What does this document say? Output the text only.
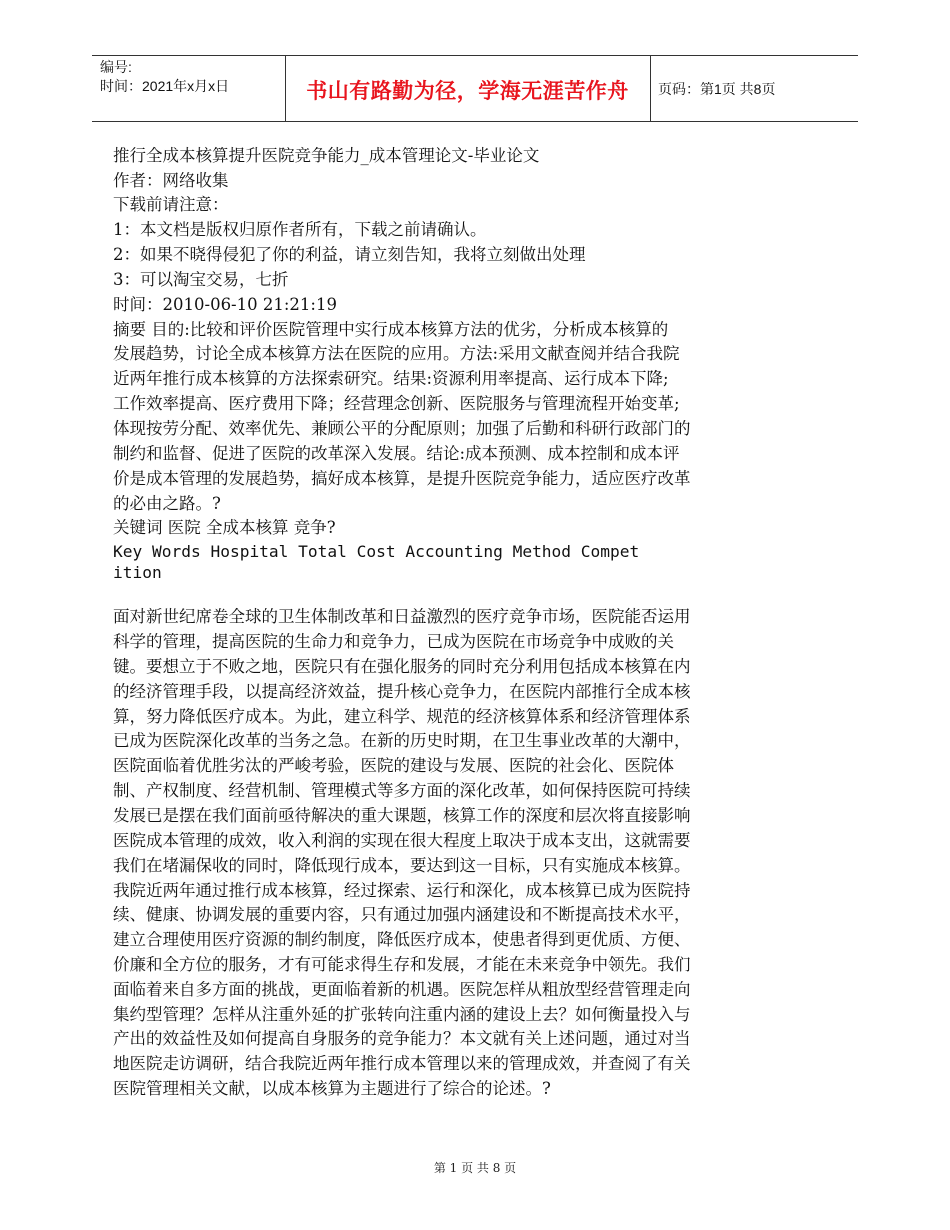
编号:
时间：2021年x月x日	书山有路勤为径，学海无涯苦作舟	页码：第1页 共8页
推行全成本核算提升医院竞争能力_成本管理论文-毕业论文
作者：网络收集
下载前请注意：
1：本文档是版权归原作者所有，下载之前请确认。
2：如果不晓得侵犯了你的利益，请立刻告知，我将立刻做出处理
3：可以淘宝交易，七折
时间：2010-06-10 21:21:19
摘要 目的:比较和评价医院管理中实行成本核算方法的优劣，分析成本核算的
发展趋势，讨论全成本核算方法在医院的应用。方法:采用文献查阅并结合我院
近两年推行成本核算的方法探索研究。结果:资源利用率提高、运行成本下降;
工作效率提高、医疗费用下降；经营理念创新、医院服务与管理流程开始变革;
体现按劳分配、效率优先、兼顾公平的分配原则；加强了后勤和科研行政部门的
制约和监督、促进了医院的改革深入发展。结论:成本预测、成本控制和成本评
价是成本管理的发展趋势，搞好成本核算，是提升医院竞争能力，适应医疗改革
的必由之路。?
关键词 医院 全成本核算 竞争?
Key Words Hospital Total Cost Accounting Method Compet
ition
面对新世纪席卷全球的卫生体制改革和日益激烈的医疗竞争市场，医院能否运用
科学的管理，提高医院的生命力和竞争力，已成为医院在市场竞争中成败的关
键。要想立于不败之地，医院只有在强化服务的同时充分利用包括成本核算在内
的经济管理手段，以提高经济效益，提升核心竞争力，在医院内部推行全成本核
算，努力降低医疗成本。为此，建立科学、规范的经济核算体系和经济管理体系
已成为医院深化改革的当务之急。在新的历史时期，在卫生事业改革的大潮中，
医院面临着优胜劣汰的严峻考验，医院的建设与发展、医院的社会化、医院体
制、产权制度、经营机制、管理模式等多方面的深化改革，如何保持医院可持续
发展已是摆在我们面前亟待解决的重大课题，核算工作的深度和层次将直接影响
医院成本管理的成效，收入利润的实现在很大程度上取决于成本支出，这就需要
我们在堵漏保收的同时，降低现行成本，要达到这一目标，只有实施成本核算。
我院近两年通过推行成本核算，经过探索、运行和深化，成本核算已成为医院持
续、健康、协调发展的重要内容，只有通过加强内涵建设和不断提高技术水平，
建立合理使用医疗资源的制约制度，降低医疗成本，使患者得到更优质、方便、
价廉和全方位的服务，才有可能求得生存和发展，才能在未来竞争中领先。我们
面临着来自多方面的挑战，更面临着新的机遇。医院怎样从粗放型经营管理走向
集约型管理？怎样从注重外延的扩张转向注重内涵的建设上去？如何衡量投入与
产出的效益性及如何提高自身服务的竞争能力？本文就有关上述问题，通过对当
地医院走访调研，结合我院近两年推行成本管理以来的管理成效，并查阅了有关
医院管理相关文献，以成本核算为主题进行了综合的论述。?
第 1 页 共 8 页
